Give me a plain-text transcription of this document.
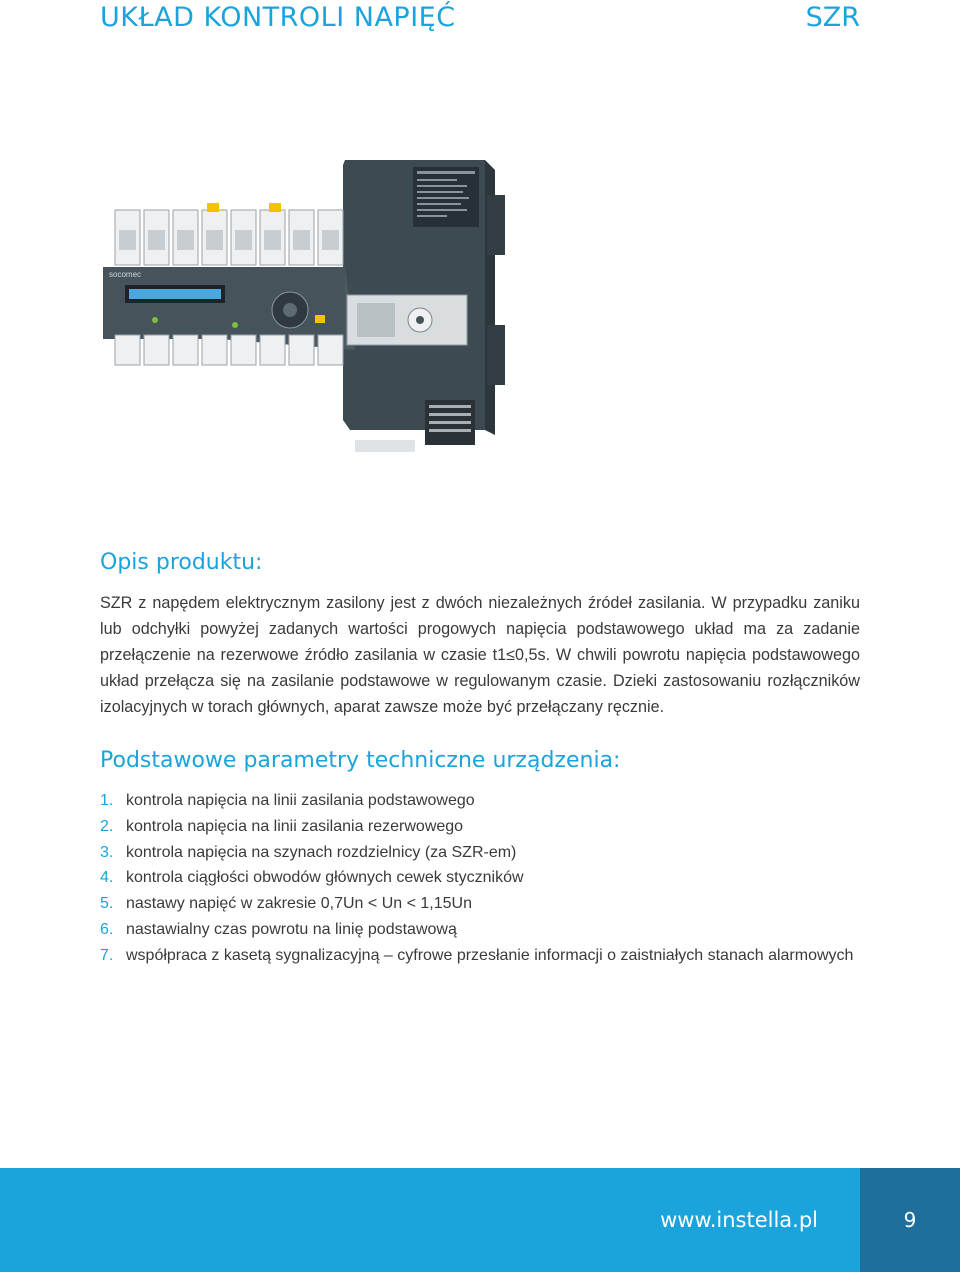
UKŁAD KONTROLI NAPIĘĆ	SZR
socomec
Opis produktu:

SZR z napędem elektrycznym zasilony jest z dwóch niezależnych źródeł zasilania. W przypadku zaniku lub odchyłki powyżej zadanych wartości progowych napięcia podstawowego układ ma za zadanie przełączenie na rezerwowe źródło zasilania w czasie t1≤0,5s. W chwili powrotu napięcia podstawowego układ przełącza się na zasilanie podstawowe w regulowanym czasie. Dzieki zastosowaniu rozłączników izolacyjnych w torach głównych, aparat zawsze może być przełączany ręcznie.

Podstawowe parametry techniczne urządzenia:
1. kontrola napięcia na linii zasilania podstawowego
2. kontrola napięcia na linii zasilania rezerwowego
3. kontrola napięcia na szynach rozdzielnicy (za SZR-em)
4. kontrola ciągłości obwodów głównych cewek styczników
5. nastawy napięć w zakresie 0,7Un < Un < 1,15Un
6. nastawialny czas powrotu na linię podstawową
7. współpraca z kasetą sygnalizacyjną – cyfrowe przesłanie informacji o zaistniałych stanach alarmowych
www.instella.pl	9
